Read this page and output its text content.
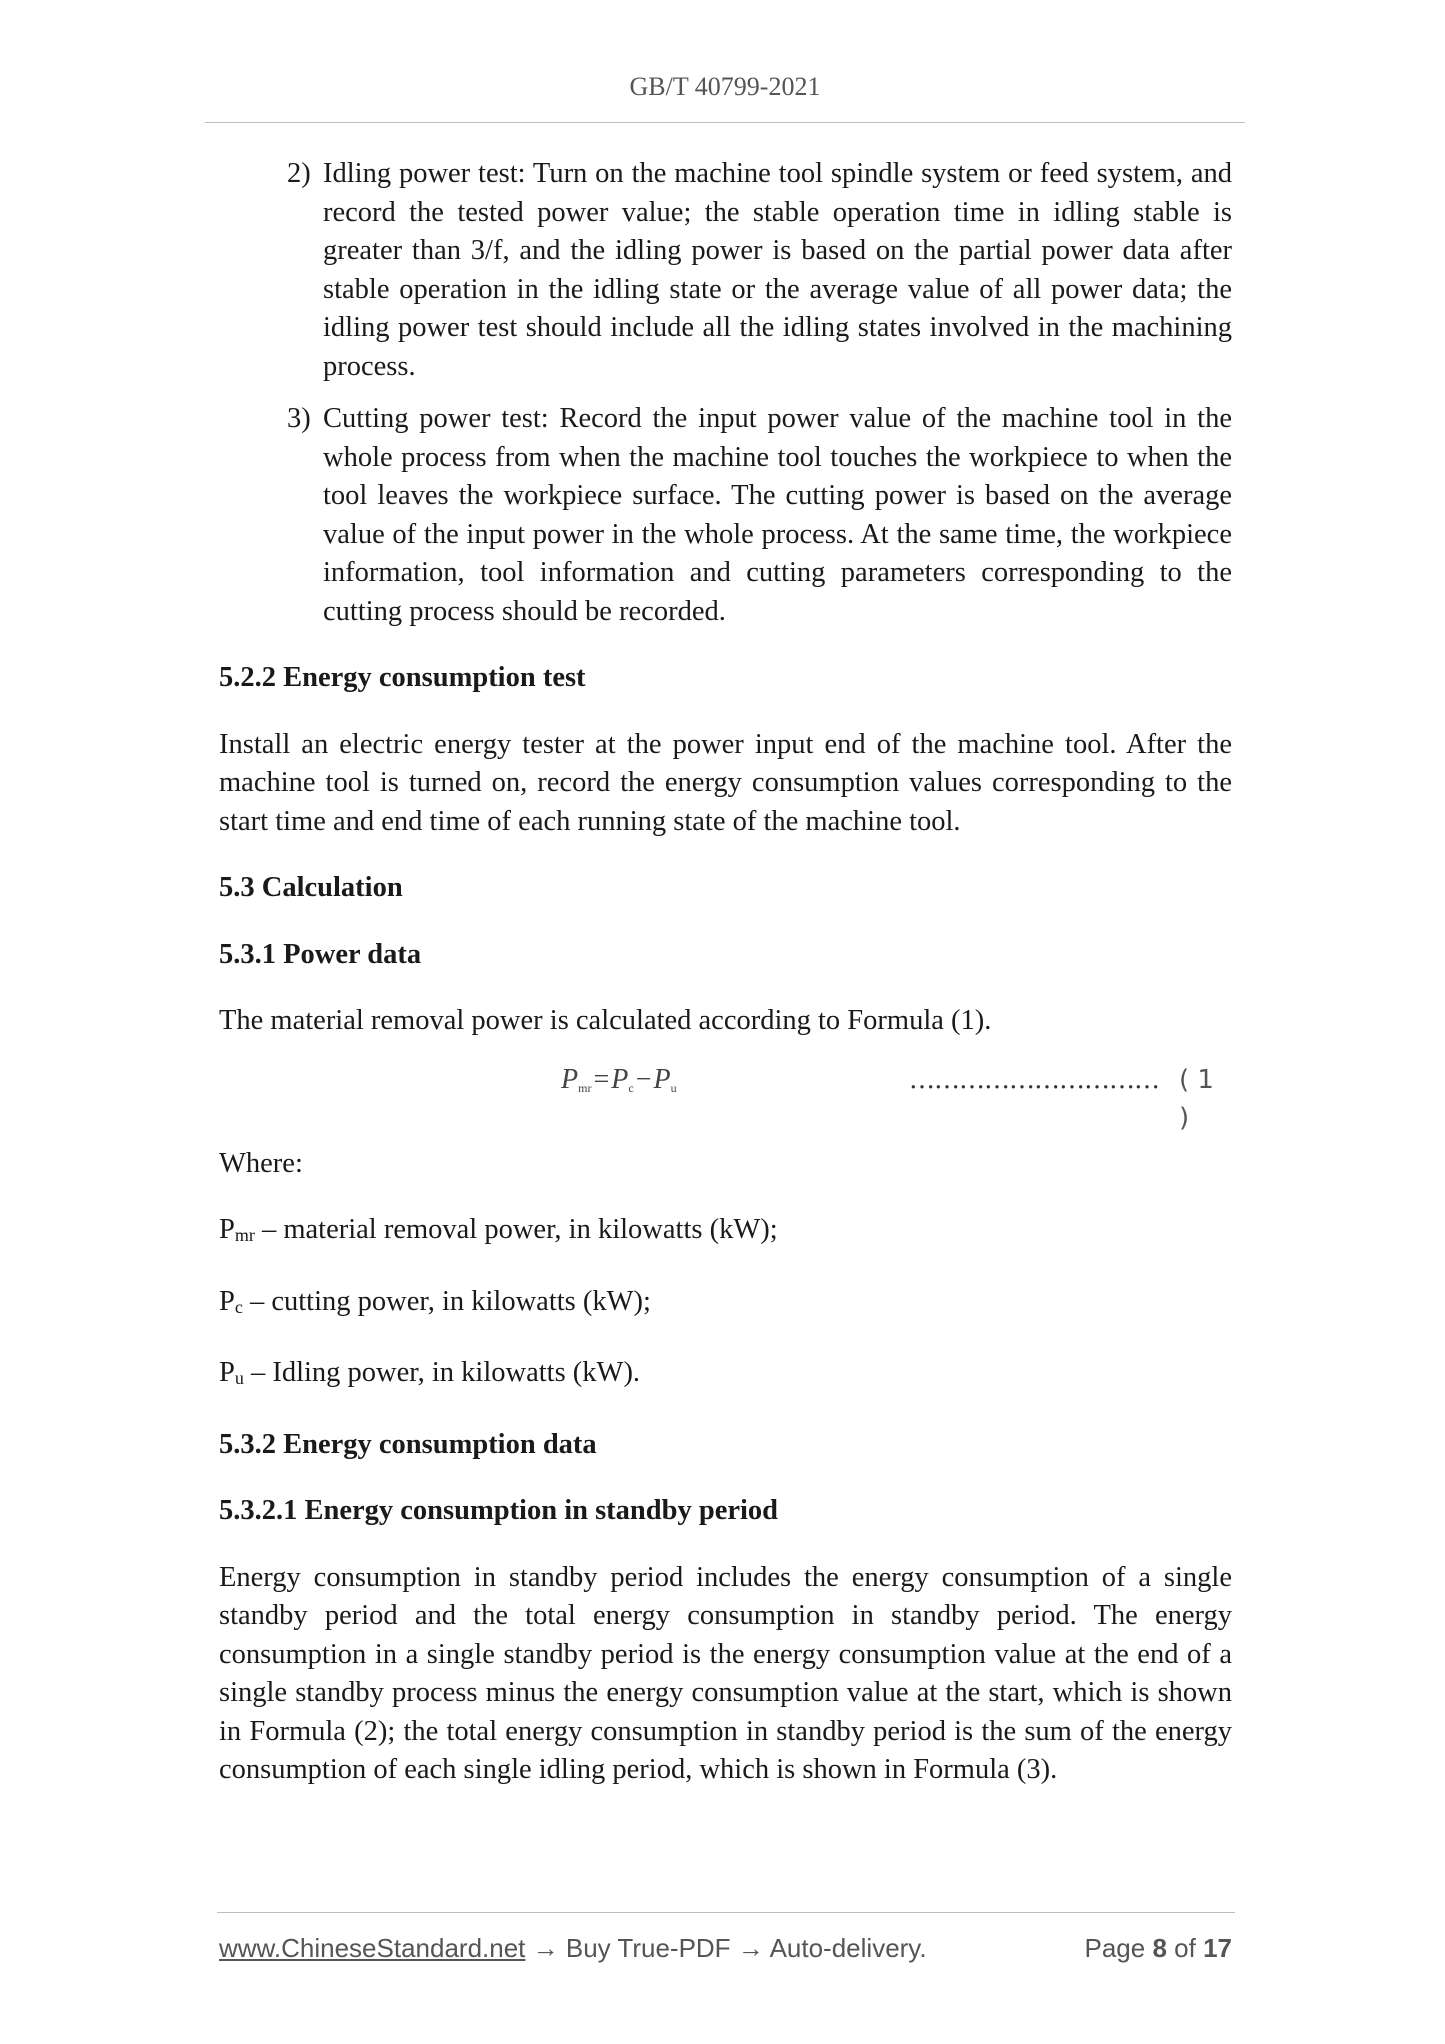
GB/T 40799-2021
2) Idling power test: Turn on the machine tool spindle system or feed system, and record the tested power value; the stable operation time in idling stable is greater than 3/f, and the idling power is based on the partial power data after stable operation in the idling state or the average value of all power data; the idling power test should include all the idling states involved in the machining process.
3) Cutting power test: Record the input power value of the machine tool in the whole process from when the machine tool touches the workpiece to when the tool leaves the workpiece surface. The cutting power is based on the average value of the input power in the whole process. At the same time, the workpiece information, tool information and cutting parameters corresponding to the cutting process should be recorded.
5.2.2 Energy consumption test

Install an electric energy tester at the power input end of the machine tool. After the machine tool is turned on, record the energy consumption values corresponding to the start time and end time of each running state of the machine tool.

5.3 Calculation
5.3.1 Power data

The material removal power is calculated according to Formula (1).

$P_{mr}=P_c-P_u$	………………………… ( 1 )

Where:

$P_{mr}$ – material removal power, in kilowatts (kW);

$P_c$ – cutting power, in kilowatts (kW);

$P_u$ – Idling power, in kilowatts (kW).

5.3.2 Energy consumption data
5.3.2.1 Energy consumption in standby period

Energy consumption in standby period includes the energy consumption of a single standby period and the total energy consumption in standby period. The energy consumption in a single standby period is the energy consumption value at the end of a single standby process minus the energy consumption value at the start, which is shown in Formula (2); the total energy consumption in standby period is the sum of the energy consumption of each single idling period, which is shown in Formula (3).

www.ChineseStandard.net → Buy True-PDF → Auto-delivery.	Page 8 of 17
